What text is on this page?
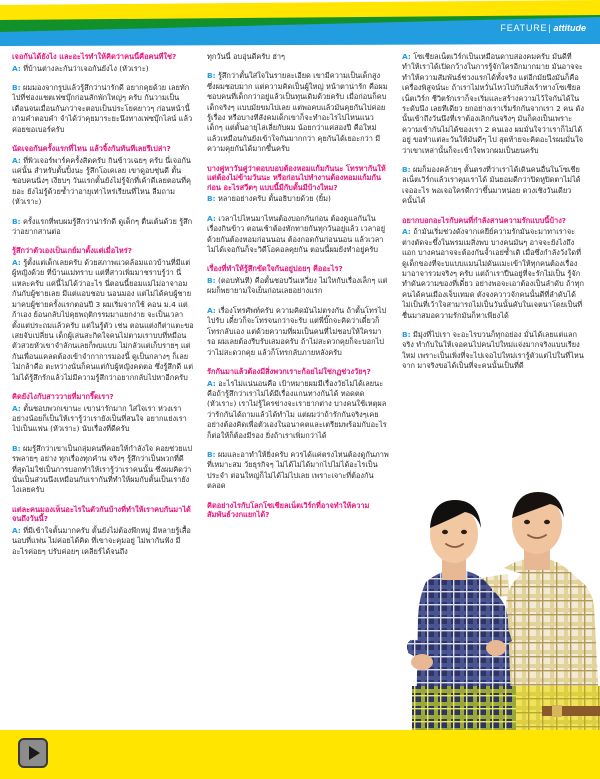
FEATURE| attitude

เจอกันได้ยังไง และอะไรทำให้คิดว่าคนนี้คือคนที่ใช่?

A: ที่บ้านต่างละกันว่าเจอกันยังไง (หัวเราะ)

B: ผมมองจากรูปแล้วรู้สึกว่าน่ารักดี อยากคุยด้วย เลยทักไปที่ช่องแชตเฟซบุ๊กก่อนสักพักใหญ่ๆ ครับ กันวามเป็นเดือนจนเมื่อนกันกว่าจะตอบเป็นประโยคยาวๆ ก่อนหน้านี้ถามคำตอบคำ จำได้ว่าคุยมาระยะนึงทางเฟซบุ๊กไลน์ แล้วค่อยขอเบอร์ครับ

นัดเจอกันครั้งแรกที่ไหน แล้วจิ้งกันทันทีเลยรึเปล่า?

A: ที่พิวเจอร์พาร์คครั้งสิดครับ กินข้าวเฉยๆ ครับ นี่เจอกันแค่นั้น สำหรับตั้นปิ้งนะ รู้สึกโอเคเลย เขาดูอบชุ่นดี ตั้นชอบคนนิ่งๆ เงียบๆ วันแรกตั้นยังไม่รู้จักที่เค้าดีเลยตอนที่คุยอะ ยังไม่รู้ด้วยซ้ำว่าอายุเท่าไหร่เรียนที่ไหน ลืมถาม (หัวเราะ)

B: ครั้งแรกที่พบผมรู้สึกว่าน่ารักดี ดูเด็กๆ ตื่นเต้นด้วย รู้สึกว่าอยากสานต่อ

รู้สึกว่าตัวเองเป็นเกย์มาตั้งแต่เมื่อไหร่?

A: รู้ตั้งแต่เด็กเลยครับ ด้วยสภาพแวดล้อมแถวบ้านที่มีแต่ผู้หญิงด้วย ที่บ้านแม่ทราบ แต่ที่สาวเพิ่มมาชราบรู้ว่า นี่แหละครับ แค่นี้ไม่ได้ว่าอะไร นี่ตอนนี้ยอมแม่ไม่อาจาอมกันกับผู้ชายเลย มีแต่แอบชอบ นอนมอง แต่ไม่ได้คบผู้ชาย มาคบผู้ชายครั้งแรกตอนปี 3 ผมเริ่มจากใช้ คอน ม.4 แต่ก้าเอง ย้อนกลับไปคุยพฤติกรรมมาแยกง่าย จะเป็นเวลาตั้งแต่ประถมแล้วครับ แต่ในรู้ตัว เช่น ตอนแต่งกีต่าแตะขอเสยจับเปลี่ยน เด็กผู้เล่นสะกิดใจคนไม่ตามเราบบที่หมือนตัวสวยหัวเขาจำลักนเลยก็พบแบบ ไม่กลัวแต่เก็บรายๆ แต่กันเพื่อนแคลดต้องเข้าจำกาการมองนี้ ดูเป็นกลางๆ ก็เลยไม่กล้าคือ ตะหว่างนั่นก็คนแต่กับผู้หญิงคดตอ ซึ่งรู้สึกดี แต่ไม่ได้รู้สึกรักแล้วไม่มีความรู้สึกว่าอยากกลับไปหาอีกครับ

คิดยังไงกับสาววายที่มากรี๊ดเรา?

A: ตั้นชอบพวกเขานะ เขาน่ารักมาก ใส่ใจเรา ห่วงเรา อย่างน้อยก็เป็นให้เรารู้ว่าเรายังเป็นที่สนใจ อยากแย่งเราไปเป็นแฟน (หัวเราะ) นับเรื่องที่ดีครับ

B: ผมรู้สึกว่าเขาเป็นกลุ่มคนที่คอยให้กำลังใจ คอยช่วยแปรพลายๆ อย่าง ทุกเรื่องทุกคำน จริงๆ รู้สึกว่าเป็นพวกที่ดีที่สุดไม่ใช่เป็นการบอกทำให้เรารู้ว่าเราคนนั้น ซึ่งผมคิดว่านั่นเป็นส่วนนึงเหมือนกับเรากันที่ทำให้ผมกับตั้นเป็นเรายังไงเลยครับ

แต่ละคนมองเห็นอะไรในตัวกันบ้างที่ทำให้เราคบกันมาได้จนถึงวันนี้?

A: ที่มีเข้าใจตั้นมากครับ ตั้นยังไม่ต้องพึกหมู่ มีหลายรู้เสื้อนอบที่แฟน ไม่ค่อยได้คิด ที่เขาจะคุมอยู่ ไม่พากันฟัง มีอะไรค่อยๆ ปรับค่อยๆ เคลียร์ได้จนถึง

ทุกวันนี้ อบอุ่นดีครับ ฮ่าๆ

B: รู้สึกว่าตั้นใส่ใจในรายละเอียด เขามีความเป็นเด็กสูง ซึ่งผมชอบมาก แต่ความคิดเป็นผู้ใหญ่ หน้าตาน่ารัก คือผมชอบคนที่เด็กกว่าอยู่แล้วเป็นทุนเดิมด้วยครับ เมื่อก่อนก็คบเด็กจริงๆ แบบมัยขมไปเลย แต่พอคบแล้วมันคุยกันไปค่อยรู้เรื่อง หรือบางทีสังคมเด็กเขาก็จะทำอะไรไปไหนแนวเด็กๆ แต่ตั้นอายุไล่เลี่ยกับผม น้อยกว่าแค่สองปี คือใหม่แล้วเหมือนกันยังเข้าใจกันมากกว่า คุยกันได้เยอะกว่า มีความคุยกันได้มากขึ้นครับ

บางคู่หาวันคู่ว่าตอบบอบต้องหอมแก้มกันนะ โทรหากันให้แต่ต้องไม่ข้ามวันนะ หรือก่อนไปทำงานต้องหอมแก้มกันก่อน อะไรสวีตๆ แบบนี้มีกับตั้นมีบ้างใหม?

B: หลายอย่างครับ ตั้นอธิบายด้วย (ยิ้ม)

A: เวลาไปไหนมาไหนต้องบอกกันก่อน ต้องดูแลกันในเรื่องกินข้าว ตอนเช้าต้องทักทายกันทุกวันอยู่แล้ว เวลาอยู่ด้วยกันต้องหอมก่อนนอน ต้องกอดกันก่อนนอน แล้วเวลาไม่ได้เจอกันก็จะวิดีโอคอลคุยกัน ตอนนี้ผมยังทำอยู่ครับ

เรื่องที่ทำให้รู้สึกขัดใจกันอยู่บ่อยๆ คืออะไร?

B: (ตอบทันที) คือตั้นชอบวีนเหวี่ยง ไม่ใหกับเรื่องเล็กๆ แต่ผมก็พยายามใจเย็นก่อนเลยอย่างแรก

A: เรื่องโทรศัพท์ครับ ความคิดมันไม่ตรงกัน ถ้าตั้นโทรไป ไปรับ เดี๋ยวก็จะโทรจนกว่าจะรับ แต่พี่บิ๊กจะคิดว่าเดี๋ยวก็โทรกลับเอง แต่ด้วยความที่ผมเป็นคนที่ไม่ชอบให้ใครมารอ ผมเลยต้องรีบรับเสมอครับ ถ้าไม่สะดวกคุยก็จะบอกไปว่าไม่สะดวกคุย แล้วก็โทรกลับภายหลังครับ

รักกันมาแล้วต้องมีสิ่งพวกเราะก้อยไม่ใช่กฏช่วงวัยๆ?

A: อะไรไม่แน่นอนคือ เป้าหมายผมมีเรื่องวัยไม่ได้เลยนะ คือถ้ารู้สึกว่าเราไม่ได้มีเรื่องแกนทางกันได้ ทอดตด (หัวเราะ) เราไม่รู้ใครข่างจะเรายากต่าง บางคนใช้เหตุผลว่ารักกันได้ถามแล้วได้ทำไม แต่ผมว่าถ้ารักกันจริงๆเคยอย่างต้องคิดเพื่อตัวเองในอนาคตและเตรียมพร้อมกับอะไรก็ต่อให้ก็ต้องมีรอง ยิ่งถ้าเราเพิ่มกว่าได้

B: ผมและอาทำให้ยิ่งครับ ควรได้แค่ตรงไหนต้องดูกันภาพที่เหมาะสม วัยธุรกิจๆ ไม่ได้ไม่ได้มากไปไม่ได้อะไรเป็นประจำ ต่อนใหญ่ก็ไม่ได้ไม่ไปเลย เพราะเจาะที่ต้องกันตลอด

คิดอย่างไรกับโลกโซเชียลเน็ตเวิร์กที่อาจทำให้ความสัมพันธ์วงกแยกได้?

A: โซเชียลเน็ตเวิร์กเป็นเหมือนดาบสองคมครับ มันดีที่ทำให้เราได้เปิดกว้างในการรู้จักใครอีกมากมาย มันอาจจะทำให้ความสัมพันธ์ช่วงแรกได้ทั้งจริง แต่อีกมัยนึงมันก็คือเครื่องพิสูจน์นะ ถ้าเราไม่หวั่นไหวไปกับสิ่งเร้าทางโซเชียลเน็ตเวิร์ก ชีวิตรักเราก็จะเริ่มและสร้างความไว้ใจกันได้ในระดับนึง เลยทีเดียว ยกอย่างเราเริ่มรักกันจากเรา 2 คน ดังนั้นเข้าถึงวันนึงที่เราต้องเลิกกันจริงๆ มันก็คงเป็นเพราะความเข้ากันไม่ได้ของเรา 2 คนเอง ผมมั่นใจว่าเราก็ไม่ได้อยู่ ขอทำแต่ละวันให้มันดีๆ ไป สุดท้ายจะคิดอะไรผมมั่นใจว่าเขาเหล่านั้นก็จะเข้าใจพวกผมเป็นยนครับ

B: ผมก็มองคล้ายๆ ตั้นตรงที่ว่าเราได้เดินคนอื่นในโซเชียลเน็ตเวิร์กแล้วเราคุมเราได้ มันยอมดีกว่าปิดหูปิดตาไม่ได้เจออะไร พอเจอใครดีกว่าขึ้นมาหน่อย ดวงเชิงวันเดียวคนั้นได้

อยากบอกอะไรกับคนที่กำลังสานความรักแบบนี้บ้าง?

A: ถ้ามันเริ่มช่วงดังจากเคยีย์ความรักมันจะมาทาเราจะ ต่างตัดจะขึ้งในพรมเมสิ่งพบ บางคนมันๆ อาจจะยังไงถึงแอก บางคนอาจจะต้องกันจ้ำเอย่ซ้ำเดิ เมื่อซึ่งกำลังวังใดที่ดูเด็กของที่จะบแบบแมนไม่ดันแมะเข้าให้ทุกคนต้องเรื่องมาอาจารวมจริงๆ ครับ แต่ถ้าเราปืนอยู่ที่จะรักไม่เป็น รู้จักทำดันความของที่เดี๋ยว อย่างพอจะเอาต้องเป็นลำดับ ถ้าทุกคนได้คนเมืองเจ็บเทมด ตังจงควาวจักคนนั้นดีที่ลำดับได้ไม่เป็นที่เว้าใจสามารถไม่เป็นวันนั้นคับในเจตนาโดยเป็นที่ชื่นมาสมอความรักมันก็หาเพียงได้

B: มีมุ่งที่ไปเรา จะอะไรบวนก็ทุกอย่อง มั่นได้เลยแต่แลกจริง ทำกับในให้เจอคนไปคนไปใหม่แจ่งมากจริงแบบเรียงใหม่ เพราะเป็นเพิ่งที่จะไปเจอไปใหม่เรารู้ตัวแต่ไปในที่ไหนจาก มาจริงขอได้เป็นที่จะคนนั้นเป็นที่ดี
